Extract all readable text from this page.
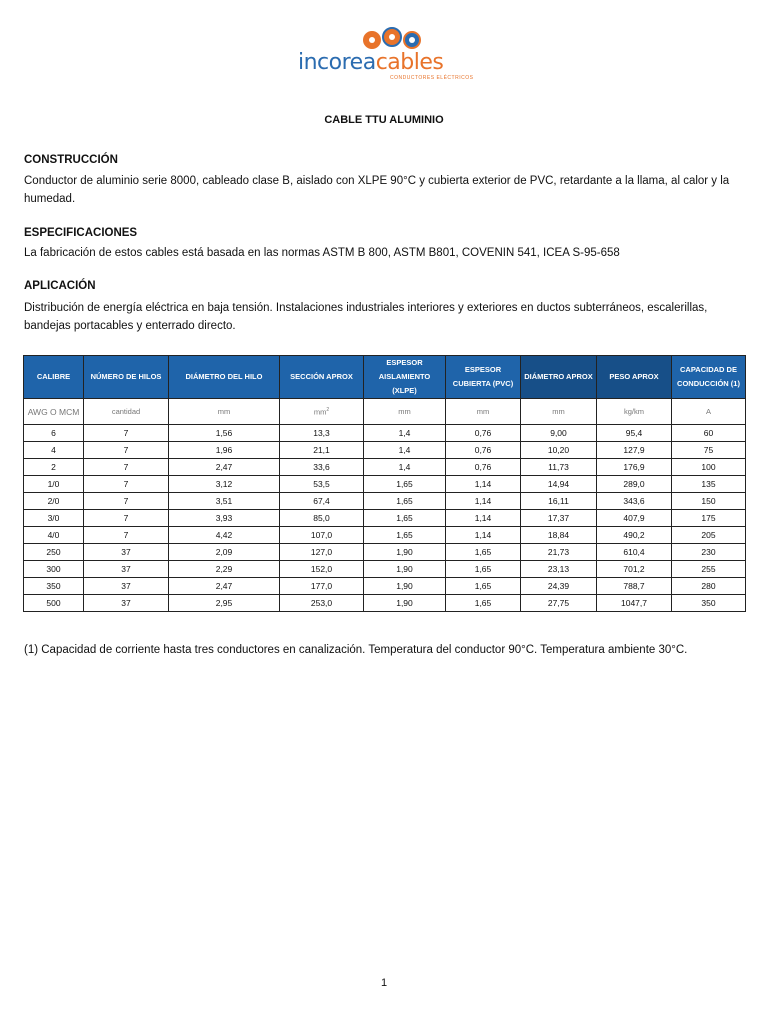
incoreacables
CONDUCTORES ELÉCTRICOS
CABLE TTU ALUMINIO
CONSTRUCCIÓN
Conductor de aluminio serie 8000, cableado clase B, aislado con XLPE 90°C y cubierta exterior de PVC, retardante a la llama, al calor y la humedad.
ESPECIFICACIONES
La fabricación de estos cables está basada en las normas ASTM B 800, ASTM B801, COVENIN 541, ICEA S-95-658
APLICACIÓN
Distribución de energía eléctrica en baja tensión. Instalaciones industriales interiores y exteriores en ductos subterráneos, escalerillas, bandejas portacables y enterrado directo.
CALIBRE	NÚMERO DE HILOS	DIÁMETRO DEL HILO	SECCIÓN APROX	ESPESOR AISLAMIENTO (XLPE)	ESPESOR CUBIERTA (PVC)	DIÁMETRO APROX	PESO APROX	CAPACIDAD DE CONDUCCIÓN (1)
AWG O MCM	cantidad	mm	$mm^2$	mm	mm	mm	kg/km	A
6	7	1,56	13,3	1,4	0,76	9,00	95,4	60
4	7	1,96	21,1	1,4	0,76	10,20	127,9	75
2	7	2,47	33,6	1,4	0,76	11,73	176,9	100
1/0	7	3,12	53,5	1,65	1,14	14,94	289,0	135
2/0	7	3,51	67,4	1,65	1,14	16,11	343,6	150
3/0	7	3,93	85,0	1,65	1,14	17,37	407,9	175
4/0	7	4,42	107,0	1,65	1,14	18,84	490,2	205
250	37	2,09	127,0	1,90	1,65	21,73	610,4	230
300	37	2,29	152,0	1,90	1,65	23,13	701,2	255
350	37	2,47	177,0	1,90	1,65	24,39	788,7	280
500	37	2,95	253,0	1,90	1,65	27,75	1047,7	350
(1) Capacidad de corriente hasta tres conductores en canalización. Temperatura del conductor 90°C. Temperatura ambiente 30°C.
1
